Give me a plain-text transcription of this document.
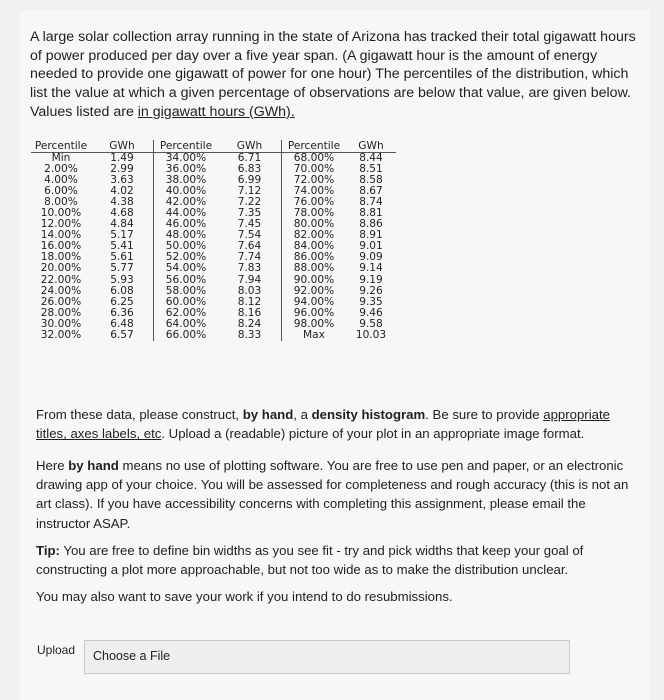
A large solar collection array running in the state of Arizona has tracked their total gigawatt hours of power produced per day over a five year span. (A gigawatt hour is the amount of energy needed to provide one gigawatt of power for one hour) The percentiles of the distribution, which list the value at which a given percentage of observations are below that value, are given below. Values listed are in gigawatt hours (GWh).

Percentile	GWh	Percentile	GWh	Percentile	GWh
Min	1.49	34.00%	6.71	68.00%	8.44
2.00%	2.99	36.00%	6.83	70.00%	8.51
4.00%	3.63	38.00%	6.99	72.00%	8.58
6.00%	4.02	40.00%	7.12	74.00%	8.67
8.00%	4.38	42.00%	7.22	76.00%	8.74
10.00%	4.68	44.00%	7.35	78.00%	8.81
12.00%	4.84	46.00%	7.45	80.00%	8.86
14.00%	5.17	48.00%	7.54	82.00%	8.91
16.00%	5.41	50.00%	7.64	84.00%	9.01
18.00%	5.61	52.00%	7.74	86.00%	9.09
20.00%	5.77	54.00%	7.83	88.00%	9.14
22.00%	5.93	56.00%	7.94	90.00%	9.19
24.00%	6.08	58.00%	8.03	92.00%	9.26
26.00%	6.25	60.00%	8.12	94.00%	9.35
28.00%	6.36	62.00%	8.16	96.00%	9.46
30.00%	6.48	64.00%	8.24	98.00%	9.58
32.00%	6.57	66.00%	8.33	Max	10.03

From these data, please construct, by hand, a density histogram. Be sure to provide appropriate titles, axes labels, etc. Upload a (readable) picture of your plot in an appropriate image format.

Here by hand means no use of plotting software. You are free to use pen and paper, or an electronic drawing app of your choice. You will be assessed for completeness and rough accuracy (this is not an art class). If you have accessibility concerns with completing this assignment, please email the instructor ASAP.

Tip: You are free to define bin widths as you see fit - try and pick widths that keep your goal of constructing a plot more approachable, but not too wide as to make the distribution unclear.

You may also want to save your work if you intend to do resubmissions.

Upload Choose a File
